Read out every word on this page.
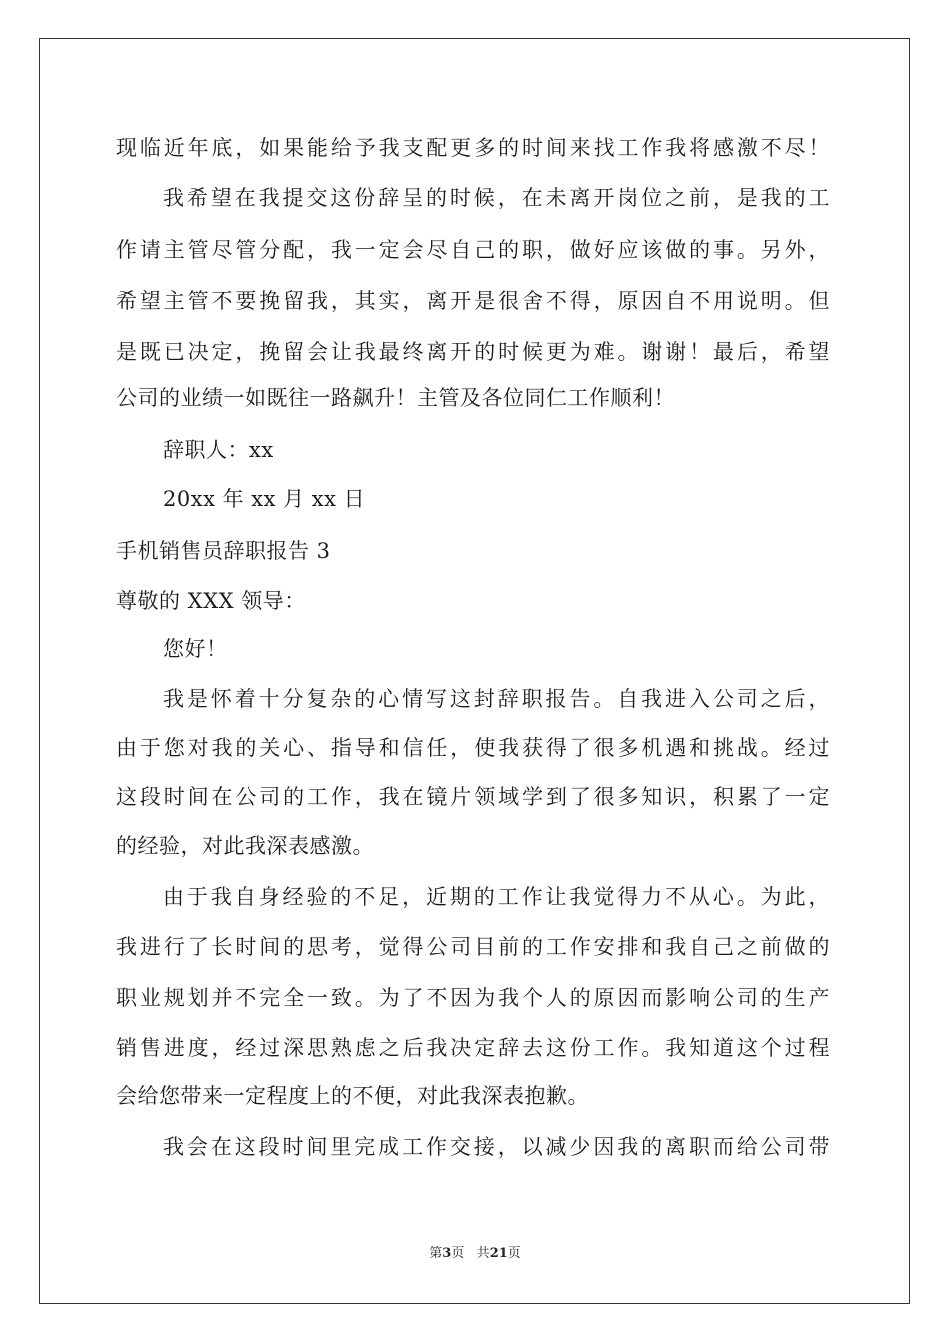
现临近年底，如果能给予我支配更多的时间来找工作我将感激不尽！
我希望在我提交这份辞呈的时候，在未离开岗位之前，是我的工
作请主管尽管分配，我一定会尽自己的职，做好应该做的事。另外，
希望主管不要挽留我，其实，离开是很舍不得，原因自不用说明。但
是既已决定，挽留会让我最终离开的时候更为难。谢谢！最后，希望
公司的业绩一如既往一路飙升！主管及各位同仁工作顺利！
辞职人：xx
20xx 年 xx 月 xx 日
手机销售员辞职报告 3
尊敬的 XXX 领导：
您好！
我是怀着十分复杂的心情写这封辞职报告。自我进入公司之后，
由于您对我的关心、指导和信任，使我获得了很多机遇和挑战。经过
这段时间在公司的工作，我在镜片领域学到了很多知识，积累了一定
的经验，对此我深表感激。
由于我自身经验的不足，近期的工作让我觉得力不从心。为此，
我进行了长时间的思考，觉得公司目前的工作安排和我自己之前做的
职业规划并不完全一致。为了不因为我个人的原因而影响公司的生产
销售进度，经过深思熟虑之后我决定辞去这份工作。我知道这个过程
会给您带来一定程度上的不便，对此我深表抱歉。
我会在这段时间里完成工作交接，以减少因我的离职而给公司带
第3页 共21页
